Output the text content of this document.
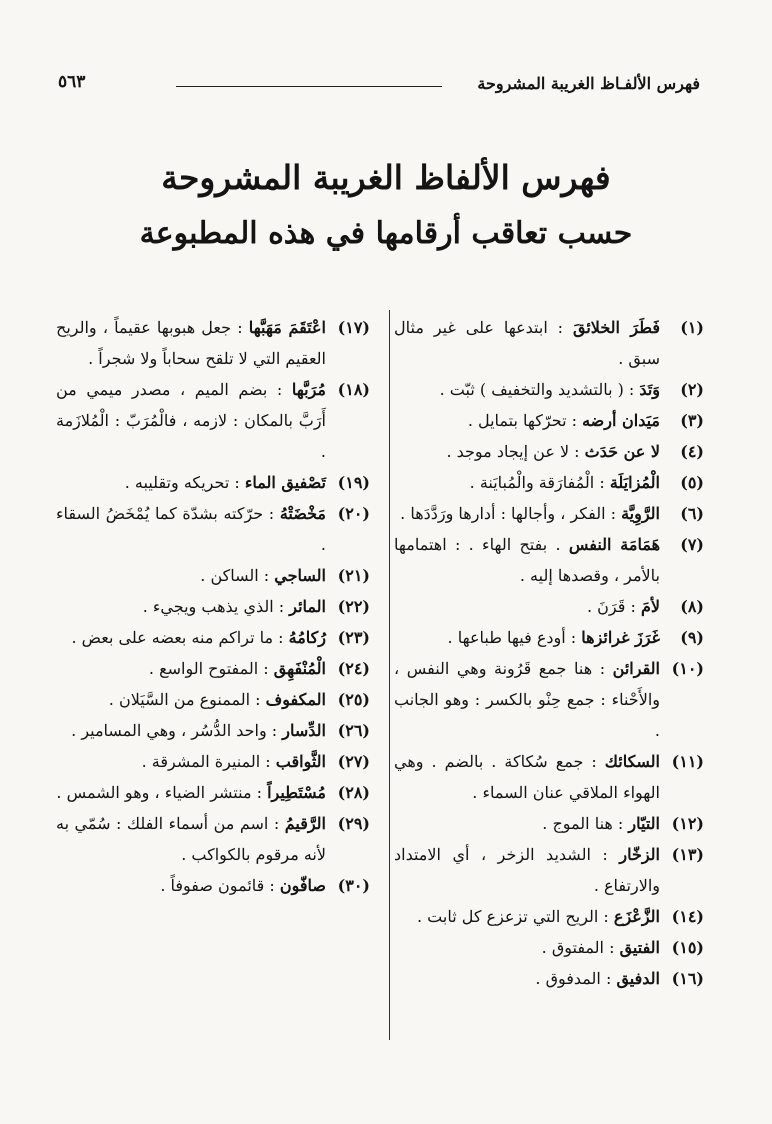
فهرس الألفـاظ الغريبة المشروحة
٥٦٣
فهرس الألفاظ الغريبة المشروحة
حسب تعاقب أرقامها في هذه المطبوعة

(١)
فَطَرَ الخلائقَ : ابتدعها على غير مثال سبق .

(٢)
وَتَدَ : ( بالتشديد والتخفيف ) ثبّت .

(٣)
مَيَدان أرضه : تحرّكها بتمايل .

(٤)
لا عن حَدَث : لا عن إيجاد موجد .

(٥)
الْمُزايَلَة : الْمُفارَقة والْمُبايَنة .

(٦)
الرَّوِيَّة : الفكر ، وأجالها : أدارها ورَدَّدَها .

(٧)
هَمَامَة النفس . بفتح الهاء . : اهتمامها بالأمر ، وقصدها إليه .

(٨)
لأمَ : قَرَنَ .

(٩)
غَرَزَ غرائزها : أودع فيها طباعها .

(١٠)
القرائن : هنا جمع قَرُونة وهي النفس ، والأَحْناء : جمع حِنْو بالكسر : وهو الجانب .

(١١)
السكائك : جمع سُكاكة . بالضم . وهي الهواء الملاقي عنان السماء .

(١٢)
التيّار : هنا الموج .

(١٣)
الزخّار : الشديد الزخر ، أي الامتداد والارتفاع .

(١٤)
الزَّعْزَع : الريح التي تزعزع كل ثابت .

(١٥)
الفتيق : المفتوق .

(١٦)
الدفيق : المدفوق .

(١٧)
اعْتَقَمَ مَهَبَّها : جعل هبوبها عقيماً ، والريح العقيم التي لا تلقح سحاباً ولا شجراً .

(١٨)
مُرَبَّها : بضم الميم ، مصدر ميمي من أَرَبَّ بالمكان : لازمه ، فالْمُرَبّ : الْمُلازَمة .

(١٩)
تَصْفيق الماء : تحريكه وتقليبه .

(٢٠)
مَخْضَتْهُ : حرّكته بشدّة كما يُمْخَضُ السقاء .

(٢١)
الساجي : الساكن .

(٢٢)
المائر : الذي يذهب ويجيء .

(٢٣)
رُكامُهُ : ما تراكم منه بعضه على بعض .

(٢٤)
الْمُنْفَهِق : المفتوح الواسع .

(٢٥)
المكفوف : الممنوع من السَّيَلان .

(٢٦)
الدِّسار : واحد الدُّسُر ، وهي المسامير .

(٢٧)
الثَّواقب : المنيرة المشرقة .

(٢٨)
مُسْتَطِيراً : منتشر الضياء ، وهو الشمس .

(٢٩)
الرَّقيمُ : اسم من أسماء الفلك : سُمّي به لأنه مرقوم بالكواكب .

(٣٠)
صافّون : قائمون صفوفاً .
